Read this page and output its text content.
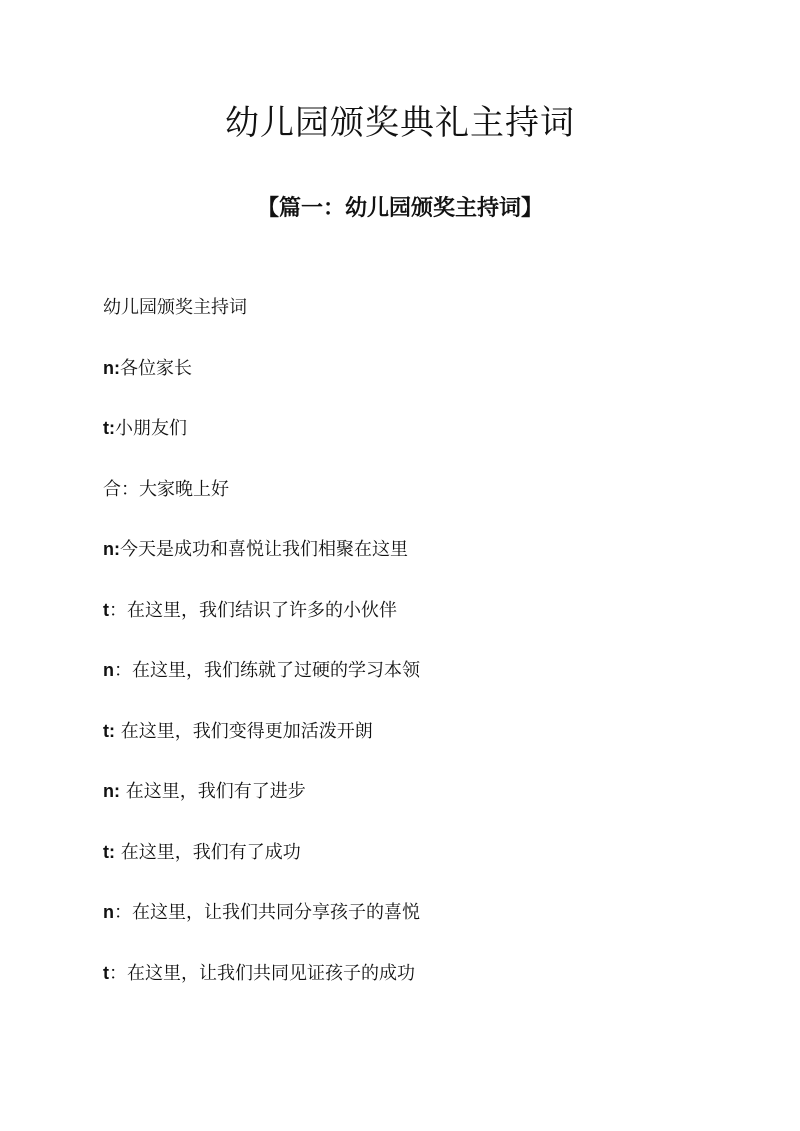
幼儿园颁奖典礼主持词
【篇一：幼儿园颁奖主持词】
幼儿园颁奖主持词
n:各位家长
t:小朋友们
合：大家晚上好
n:今天是成功和喜悦让我们相聚在这里
t：在这里，我们结识了许多的小伙伴
n：在这里，我们练就了过硬的学习本领
t: 在这里，我们变得更加活泼开朗
n: 在这里，我们有了进步
t: 在这里，我们有了成功
n：在这里，让我们共同分享孩子的喜悦
t：在这里，让我们共同见证孩子的成功
